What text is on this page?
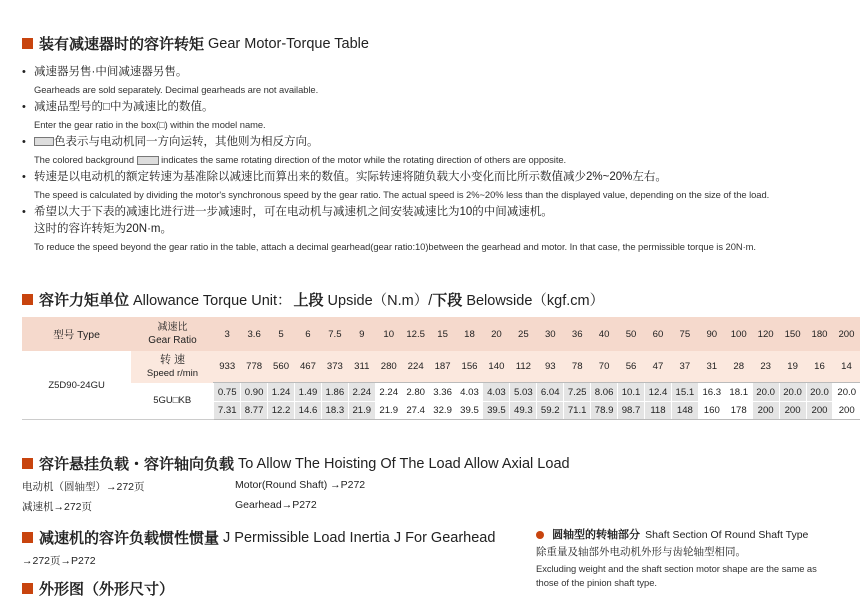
装有减速器时的容许转矩 Gear Motor-Torque Table
• 减速器另售·中间减速器另售。
Gearheads are sold separately. Decimal gearheads are not available.
• 减速品型号的□中为减速比的数值。
Enter the gear ratio in the box(□) within the model name.
•	色表示与电动机同一方向运转，其他则为相反方向。
The colored background	indicates the same rotating direction of the motor while the rotating direction of others are opposite.
• 转速是以电动机的额定转速为基准除以减速比而算出来的数值。实际转速将随负载大小变化而比所示数值减少2%~20%左右。
The speed is calculated by dividing the motor's synchronous speed by the gear ratio. The actual speed is 2%~20% less than the displayed value, depending on the size of the load.
• 希望以大于下表的减速比进行进一步减速时，可在电动机与减速机之间安装减速比为10的中间减速机。
这时的容许转矩为20N·m。
To reduce the speed beyond the gear ratio in the table, attach a decimal gearhead(gear ratio:10)between the gearhead and motor. In that case, the permissible torque is 20N·m.
容许力矩单位 Allowance Torque Unit： 上段 Upside（N.m）/ 下段 Belowside（kgf.cm）
型号 Type	减速比
Gear Ratio	3	3.6	5	6	7.5	9	10	12.5	15	18	20	25	30	36	40	50	60	75	90	100	120	150	180	200
Z5D90-24GU	转 速
Speed r/min	933	778	560	467	373	311	280	224	187	156	140	112	93	78	70	56	47	37	31	28	23	19	16	14
	5GU□KB	0.75	0.90	1.24	1.49	1.86	2.24	2.24	2.80	3.36	4.03	4.03	5.03	6.04	7.25	8.06	10.1	12.4	15.1	16.3	18.1	20.0	20.0	20.0	20.0
		7.31	8.77	12.2	14.6	18.3	21.9	21.9	27.4	32.9	39.5	39.5	49.3	59.2	71.1	78.9	98.7	118	148	160	178	200	200	200	200
容许悬挂负载・容许轴向负载 To Allow The Hoisting Of The Load Allow Axial Load
电动机（圆轴型）→272页	Motor(Round Shaft) →P272
减速机→272页	Gearhead→P272
减速机的容许负载惯性惯量 J Permissible Load Inertia J For Gearhead
→272页→P272
外形图（外形尺寸）
圆轴型的转轴部分 Shaft Section Of Round Shaft Type
除重量及轴部外电动机外形与齿轮轴型相同。
Excluding weight and the shaft section motor shape are the same as
those of the pinion shaft type.
